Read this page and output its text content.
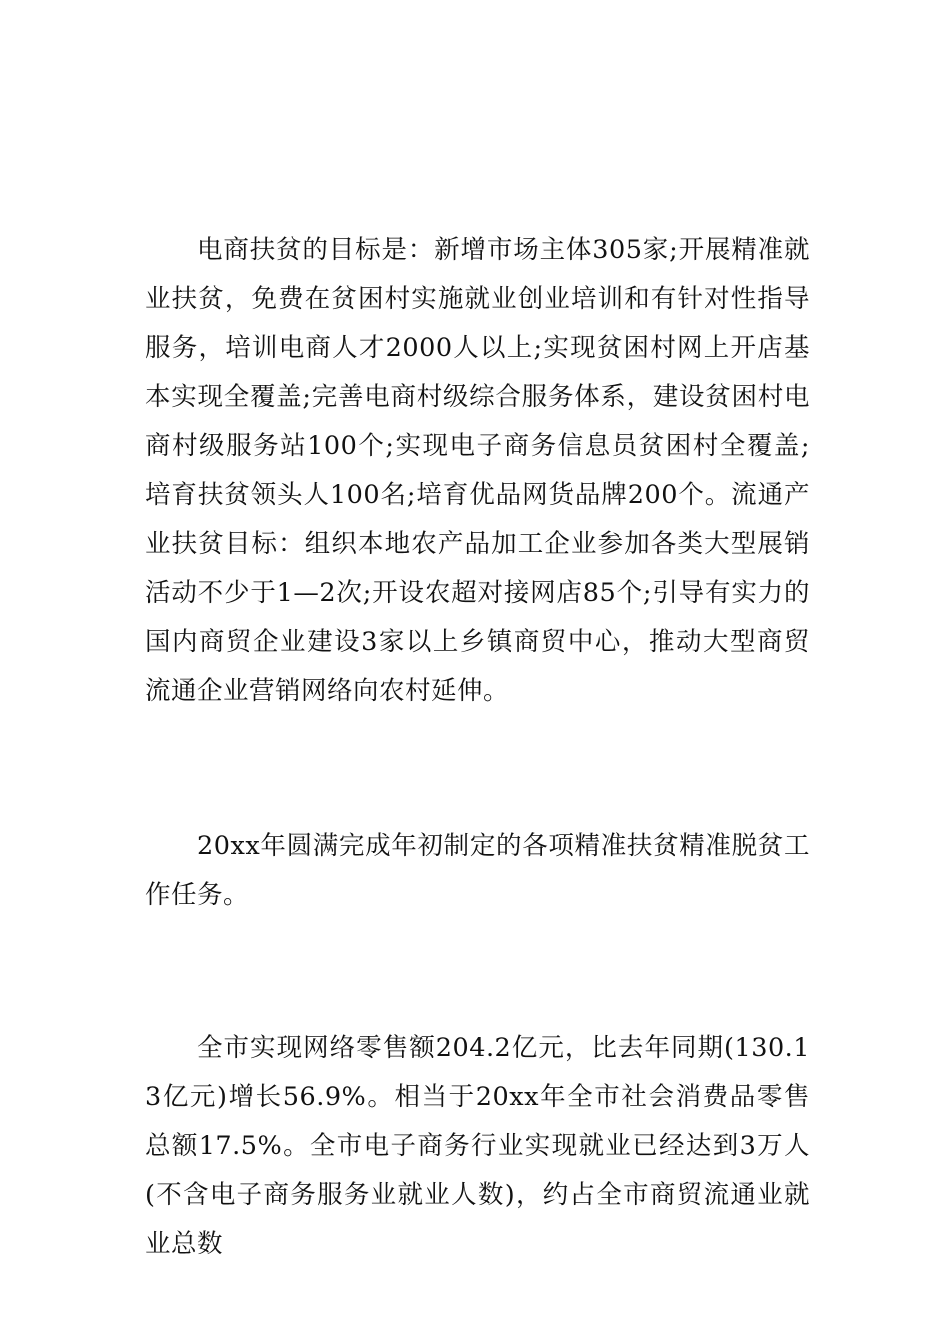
电商扶贫的目标是：新增市场主体305家;开展精准就业扶贫，免费在贫困村实施就业创业培训和有针对性指导服务，培训电商人才2000人以上;实现贫困村网上开店基本实现全覆盖;完善电商村级综合服务体系，建设贫困村电商村级服务站100个;实现电子商务信息员贫困村全覆盖;培育扶贫领头人100名;培育优品网货品牌200个。流通产业扶贫目标：组织本地农产品加工企业参加各类大型展销活动不少于1—2次;开设农超对接网店85个;引导有实力的国内商贸企业建设3家以上乡镇商贸中心，推动大型商贸流通企业营销网络向农村延伸。

20xx年圆满完成年初制定的各项精准扶贫精准脱贫工作任务。

全市实现网络零售额204.2亿元，比去年同期(130.13亿元)增长56.9%。相当于20xx年全市社会消费品零售总额17.5%。全市电子商务行业实现就业已经达到3万人(不含电子商务服务业就业人数)，约占全市商贸流通业就业总数
